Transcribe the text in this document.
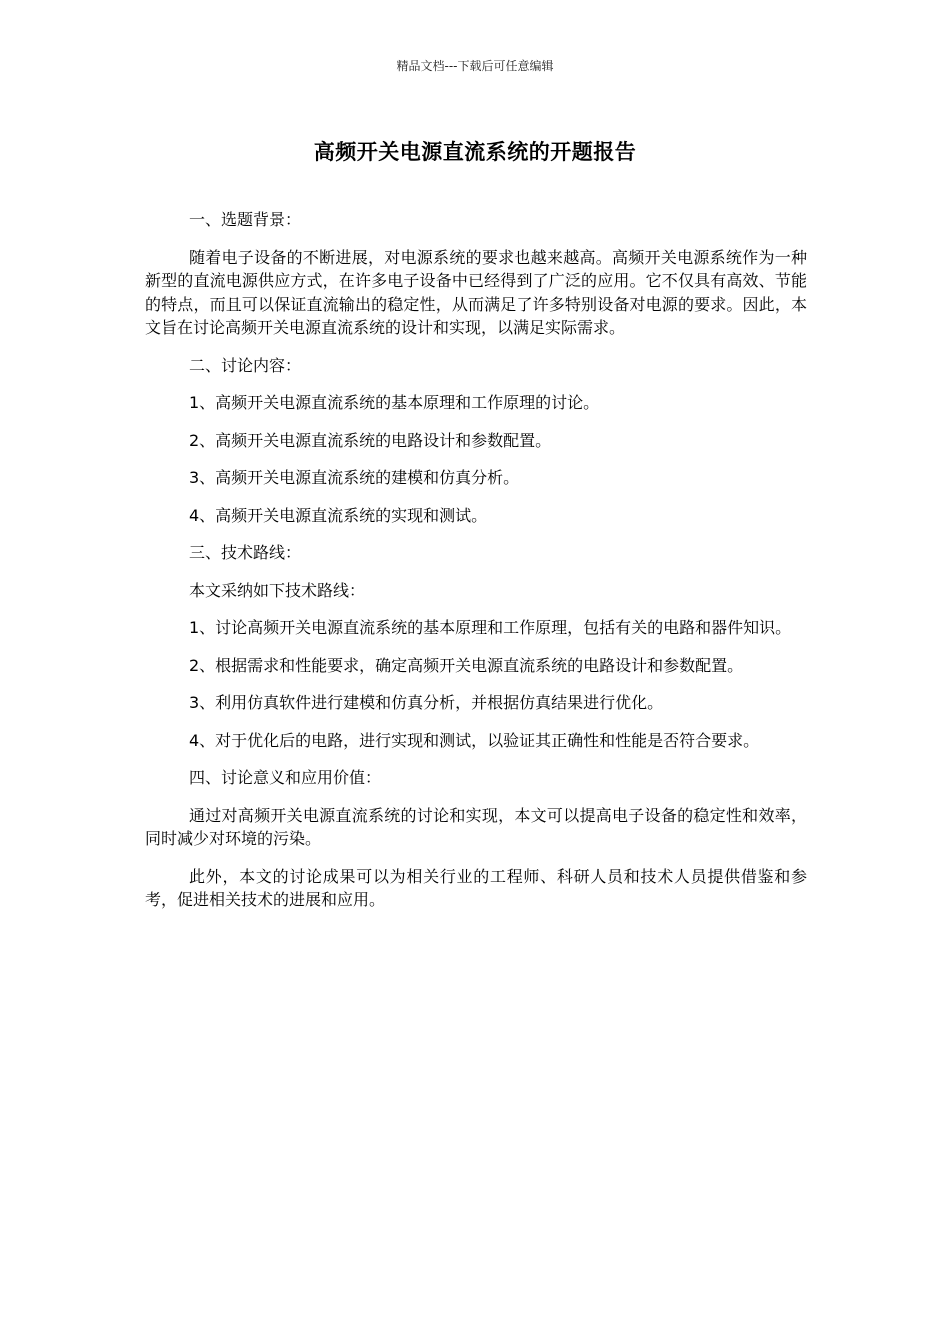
精品文档---下载后可任意编辑
高频开关电源直流系统的开题报告

一、选题背景：

随着电子设备的不断进展，对电源系统的要求也越来越高。高频开关电源系统作为一种新型的直流电源供应方式，在许多电子设备中已经得到了广泛的应用。它不仅具有高效、节能的特点，而且可以保证直流输出的稳定性，从而满足了许多特别设备对电源的要求。因此，本文旨在讨论高频开关电源直流系统的设计和实现，以满足实际需求。

二、讨论内容：

1、高频开关电源直流系统的基本原理和工作原理的讨论。

2、高频开关电源直流系统的电路设计和参数配置。

3、高频开关电源直流系统的建模和仿真分析。

4、高频开关电源直流系统的实现和测试。

三、技术路线：

本文采纳如下技术路线：

1、讨论高频开关电源直流系统的基本原理和工作原理，包括有关的电路和器件知识。

2、根据需求和性能要求，确定高频开关电源直流系统的电路设计和参数配置。

3、利用仿真软件进行建模和仿真分析，并根据仿真结果进行优化。

4、对于优化后的电路，进行实现和测试，以验证其正确性和性能是否符合要求。

四、讨论意义和应用价值：

通过对高频开关电源直流系统的讨论和实现，本文可以提高电子设备的稳定性和效率，同时减少对环境的污染。

此外，本文的讨论成果可以为相关行业的工程师、科研人员和技术人员提供借鉴和参考，促进相关技术的进展和应用。
